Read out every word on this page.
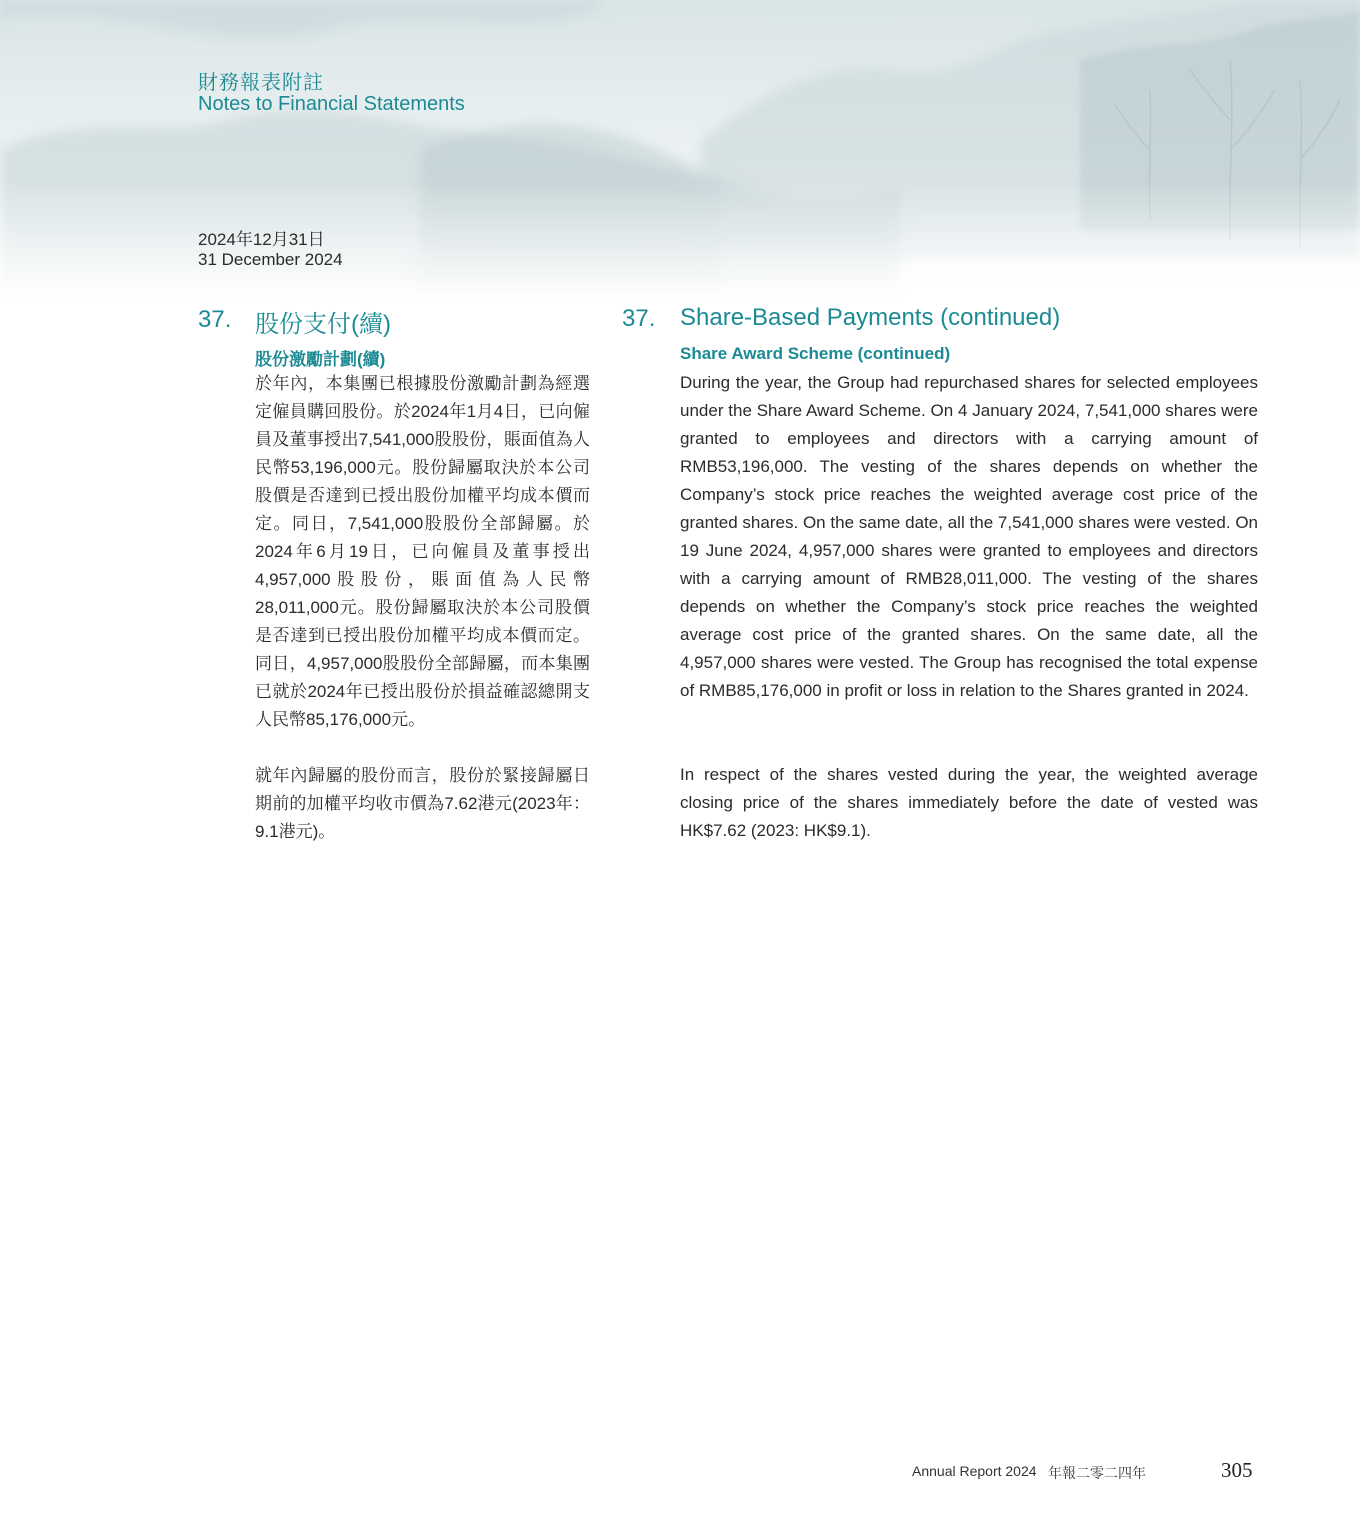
財務報表附註
Notes to Financial Statements
2024年12月31日
31 December 2024
37. 股份支付(續)
股份激勵計劃(續)

於年內，本集團已根據股份激勵計劃為經選定僱員購回股份。於2024年1月4日，已向僱員及董事授出7,541,000股股份，賬面值為人民幣53,196,000元。股份歸屬取決於本公司股價是否達到已授出股份加權平均成本價而定。同日，7,541,000股股份全部歸屬。於2024年6月19日，已向僱員及董事授出4,957,000股股份，賬面值為人民幣28,011,000元。股份歸屬取決於本公司股價是否達到已授出股份加權平均成本價而定。同日，4,957,000股股份全部歸屬，而本集團已就於2024年已授出股份於損益確認總開支人民幣85,176,000元。

就年內歸屬的股份而言，股份於緊接歸屬日期前的加權平均收市價為7.62港元(2023年：9.1港元)。

37. Share-Based Payments (continued)
Share Award Scheme (continued)

During the year, the Group had repurchased shares for selected employees under the Share Award Scheme. On 4 January 2024, 7,541,000 shares were granted to employees and directors with a carrying amount of RMB53,196,000. The vesting of the shares depends on whether the Company’s stock price reaches the weighted average cost price of the granted shares. On the same date, all the 7,541,000 shares were vested. On 19 June 2024, 4,957,000 shares were granted to employees and directors with a carrying amount of RMB28,011,000. The vesting of the shares depends on whether the Company’s stock price reaches the weighted average cost price of the granted shares. On the same date, all the 4,957,000 shares were vested. The Group has recognised the total expense of RMB85,176,000 in profit or loss in relation to the Shares granted in 2024.

In respect of the shares vested during the year, the weighted average closing price of the shares immediately before the date of vested was HK$7.62 (2023: HK$9.1).

Annual Report 2024 年報二零二四年	305
